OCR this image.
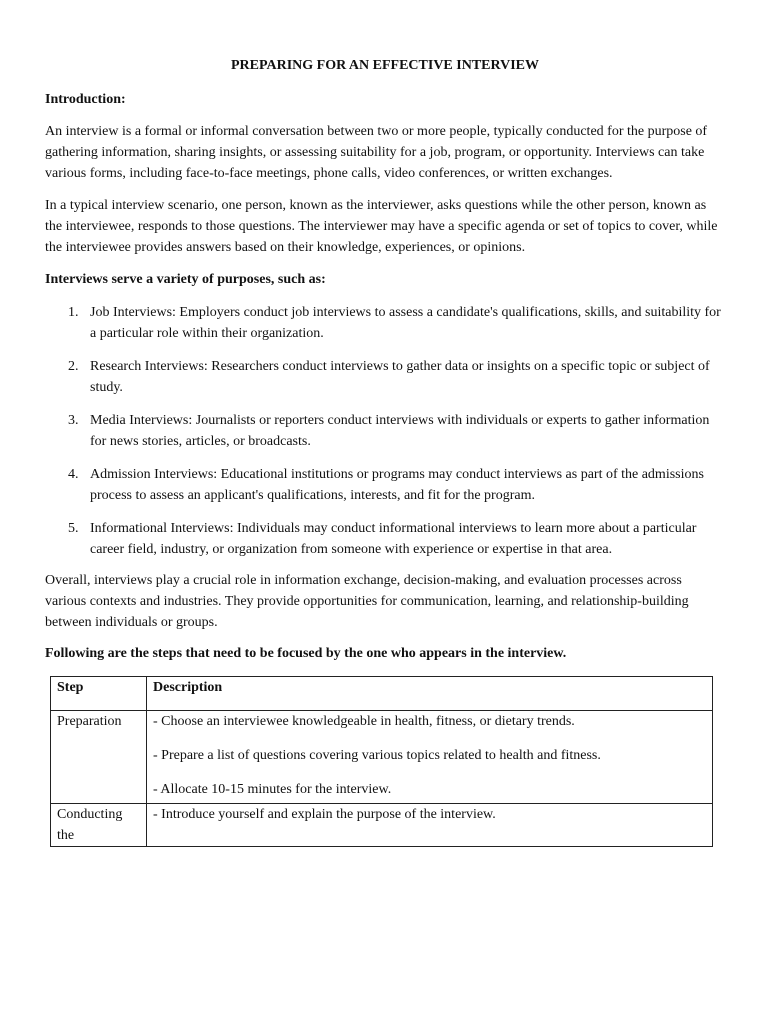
PREPARING FOR AN EFFECTIVE INTERVIEW
Introduction:

An interview is a formal or informal conversation between two or more people, typically conducted for the purpose of gathering information, sharing insights, or assessing suitability for a job, program, or opportunity. Interviews can take various forms, including face-to-face meetings, phone calls, video conferences, or written exchanges.

In a typical interview scenario, one person, known as the interviewer, asks questions while the other person, known as the interviewee, responds to those questions. The interviewer may have a specific agenda or set of topics to cover, while the interviewee provides answers based on their knowledge, experiences, or opinions.

Interviews serve a variety of purposes, such as:
1. Job Interviews: Employers conduct job interviews to assess a candidate's qualifications, skills, and suitability for a particular role within their organization.
2. Research Interviews: Researchers conduct interviews to gather data or insights on a specific topic or subject of study.
3. Media Interviews: Journalists or reporters conduct interviews with individuals or experts to gather information for news stories, articles, or broadcasts.
4. Admission Interviews: Educational institutions or programs may conduct interviews as part of the admissions process to assess an applicant's qualifications, interests, and fit for the program.
5. Informational Interviews: Individuals may conduct informational interviews to learn more about a particular career field, industry, or organization from someone with experience or expertise in that area.

Overall, interviews play a crucial role in information exchange, decision-making, and evaluation processes across various contexts and industries. They provide opportunities for communication, learning, and relationship-building between individuals or groups.

Following are the steps that need to be focused by the one who appears in the interview.
Step	Description
Preparation	- Choose an interviewee knowledgeable in health, fitness, or dietary trends.
- Prepare a list of questions covering various topics related to health and fitness.
- Allocate 10-15 minutes for the interview.

Conducting the	- Introduce yourself and explain the purpose of the interview.
